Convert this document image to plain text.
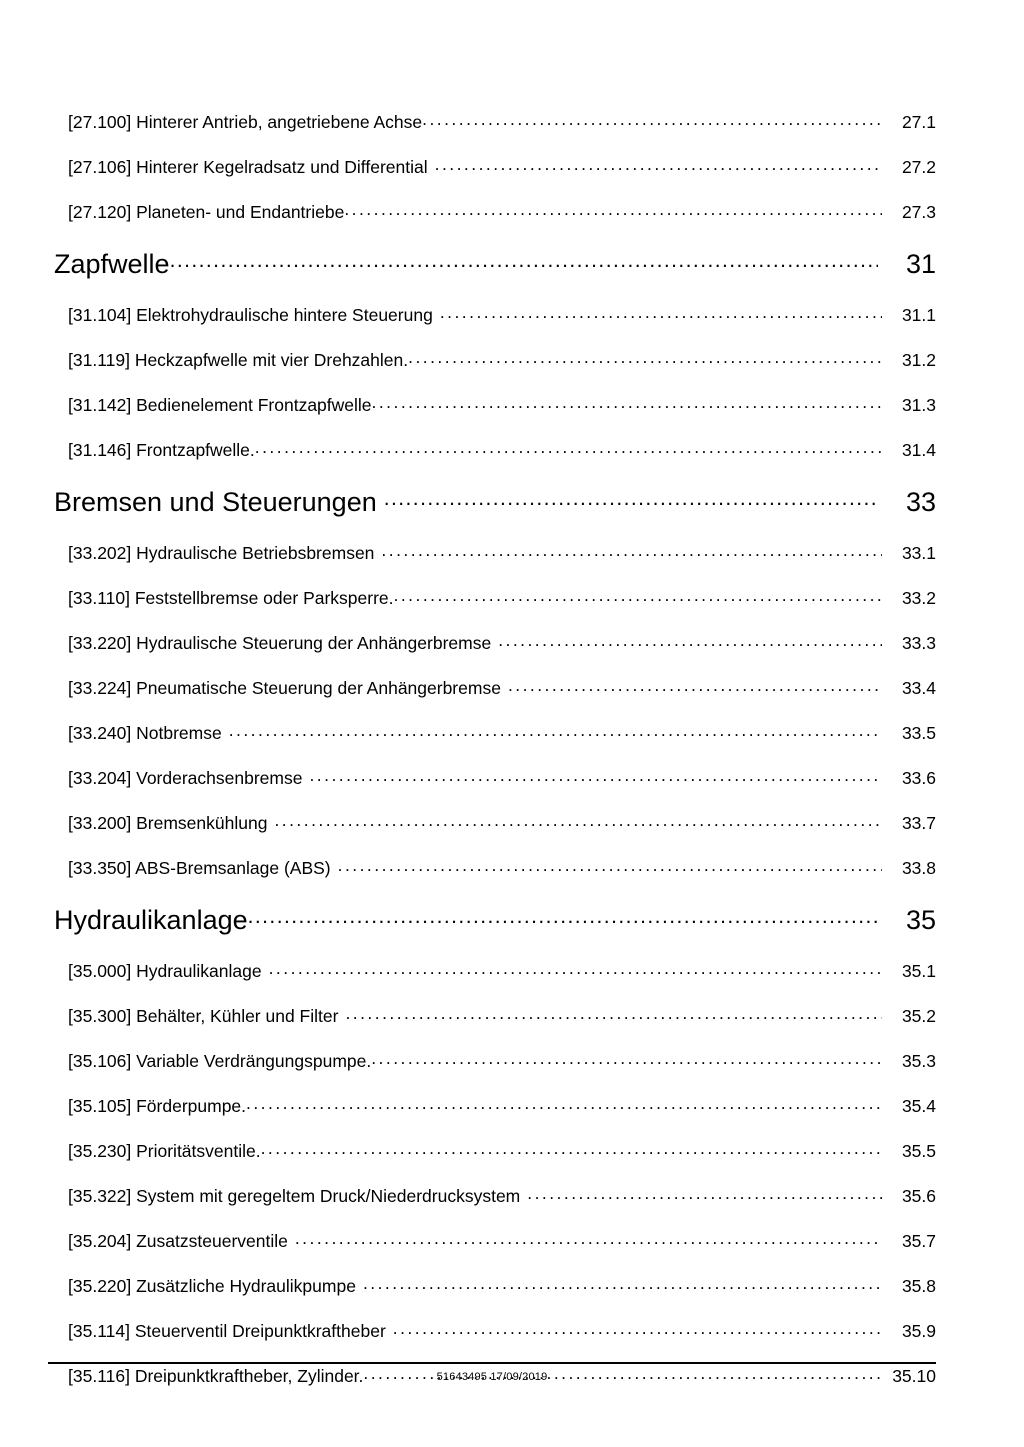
[27.100] Hinterer Antrieb, angetriebene Achse . . .	27.1
[27.106] Hinterer Kegelradsatz und Differential . . .	27.2
[27.120] Planeten- und Endantriebe . . .	27.3
Zapfwelle . . .	31
[31.104] Elektrohydraulische hintere Steuerung . . .	31.1
[31.119] Heckzapfwelle mit vier Drehzahlen. . . .	31.2
[31.142] Bedienelement Frontzapfwelle . . .	31.3
[31.146] Frontzapfwelle. . . .	31.4
Bremsen und Steuerungen . . .	33
[33.202] Hydraulische Betriebsbremsen . . .	33.1
[33.110] Feststellbremse oder Parksperre. . . .	33.2
[33.220] Hydraulische Steuerung der Anhängerbremse . . .	33.3
[33.224] Pneumatische Steuerung der Anhängerbremse . . .	33.4
[33.240] Notbremse . . .	33.5
[33.204] Vorderachsenbremse . . .	33.6
[33.200] Bremsenkühlung . . .	33.7
[33.350] ABS-Bremsanlage (ABS) . . .	33.8
Hydraulikanlage . . .	35
[35.000] Hydraulikanlage . . .	35.1
[35.300] Behälter, Kühler und Filter . . .	35.2
[35.106] Variable Verdrängungspumpe. . . .	35.3
[35.105] Förderpumpe. . . .	35.4
[35.230] Prioritätsventile. . . .	35.5
[35.322] System mit geregeltem Druck/Niederdrucksystem . . .	35.6
[35.204] Zusatzsteuerventile . . .	35.7
[35.220] Zusätzliche Hydraulikpumpe . . .	35.8
[35.114] Steuerventil Dreipunktkraftheber . . .	35.9
[35.116] Dreipunktkraftheber, Zylinder. . . .	35.10
51643495 17/09/2019
